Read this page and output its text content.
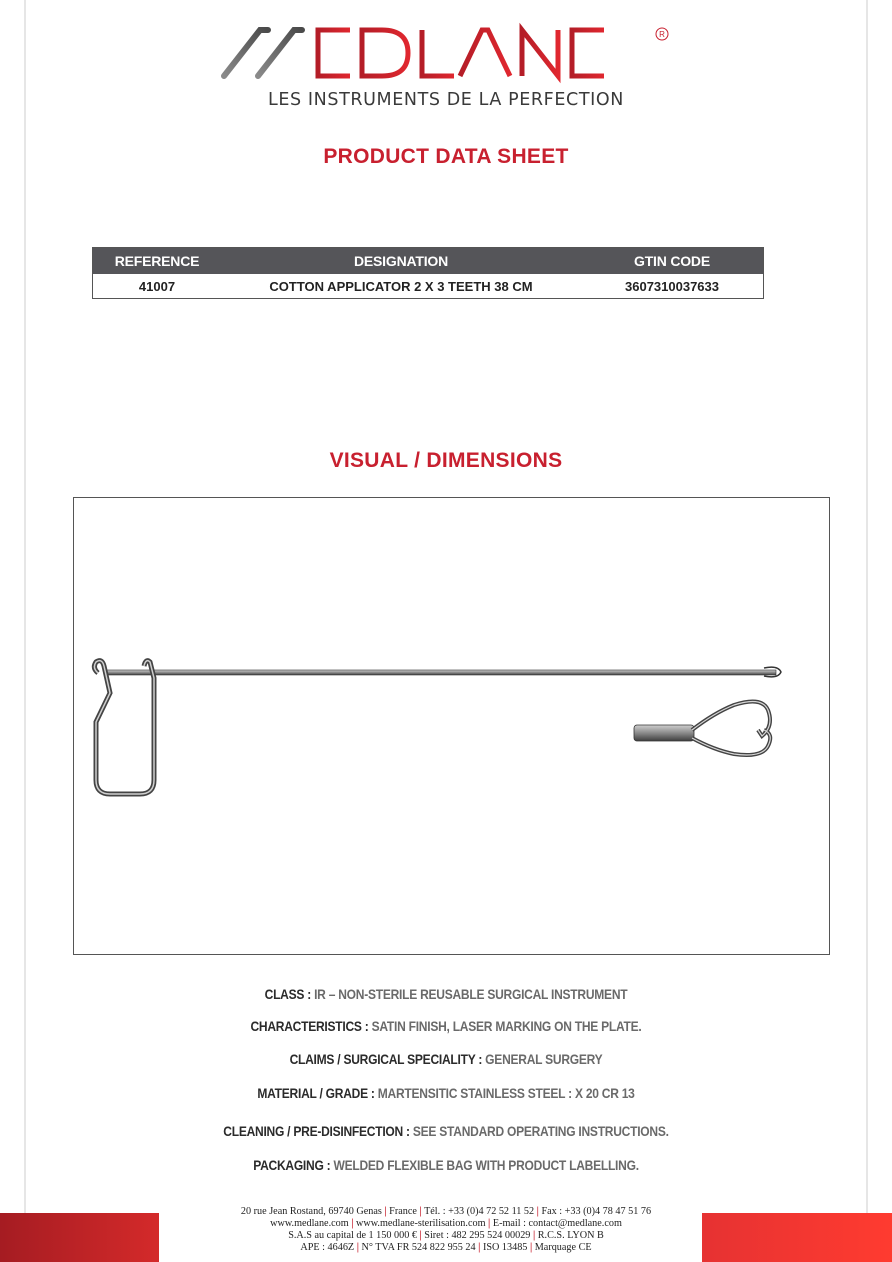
R
LES INSTRUMENTS DE LA PERFECTION
PRODUCT DATA SHEET
REFERENCE	DESIGNATION	GTIN CODE
41007	COTTON APPLICATOR 2 X 3 TEETH 38 CM	3607310037633
VISUAL / DIMENSIONS
CLASS : IR – NON-STERILE REUSABLE SURGICAL INSTRUMENT
CHARACTERISTICS : SATIN FINISH, LASER MARKING ON THE PLATE.
CLAIMS / SURGICAL SPECIALITY : GENERAL SURGERY
MATERIAL / GRADE : MARTENSITIC STAINLESS STEEL : X 20 CR 13
CLEANING / PRE-DISINFECTION : SEE STANDARD OPERATING INSTRUCTIONS.
PACKAGING : WELDED FLEXIBLE BAG WITH PRODUCT LABELLING.
20 rue Jean Rostand, 69740 Genas | France | Tél. : +33 (0)4 72 52 11 52 | Fax : +33 (0)4 78 47 51 76
www.medlane.com | www.medlane-sterilisation.com | E-mail : contact@medlane.com
S.A.S au capital de 1 150 000 € | Siret : 482 295 524 00029 | R.C.S. LYON B
APE : 4646Z | N° TVA FR 524 822 955 24 | ISO 13485 | Marquage CE
